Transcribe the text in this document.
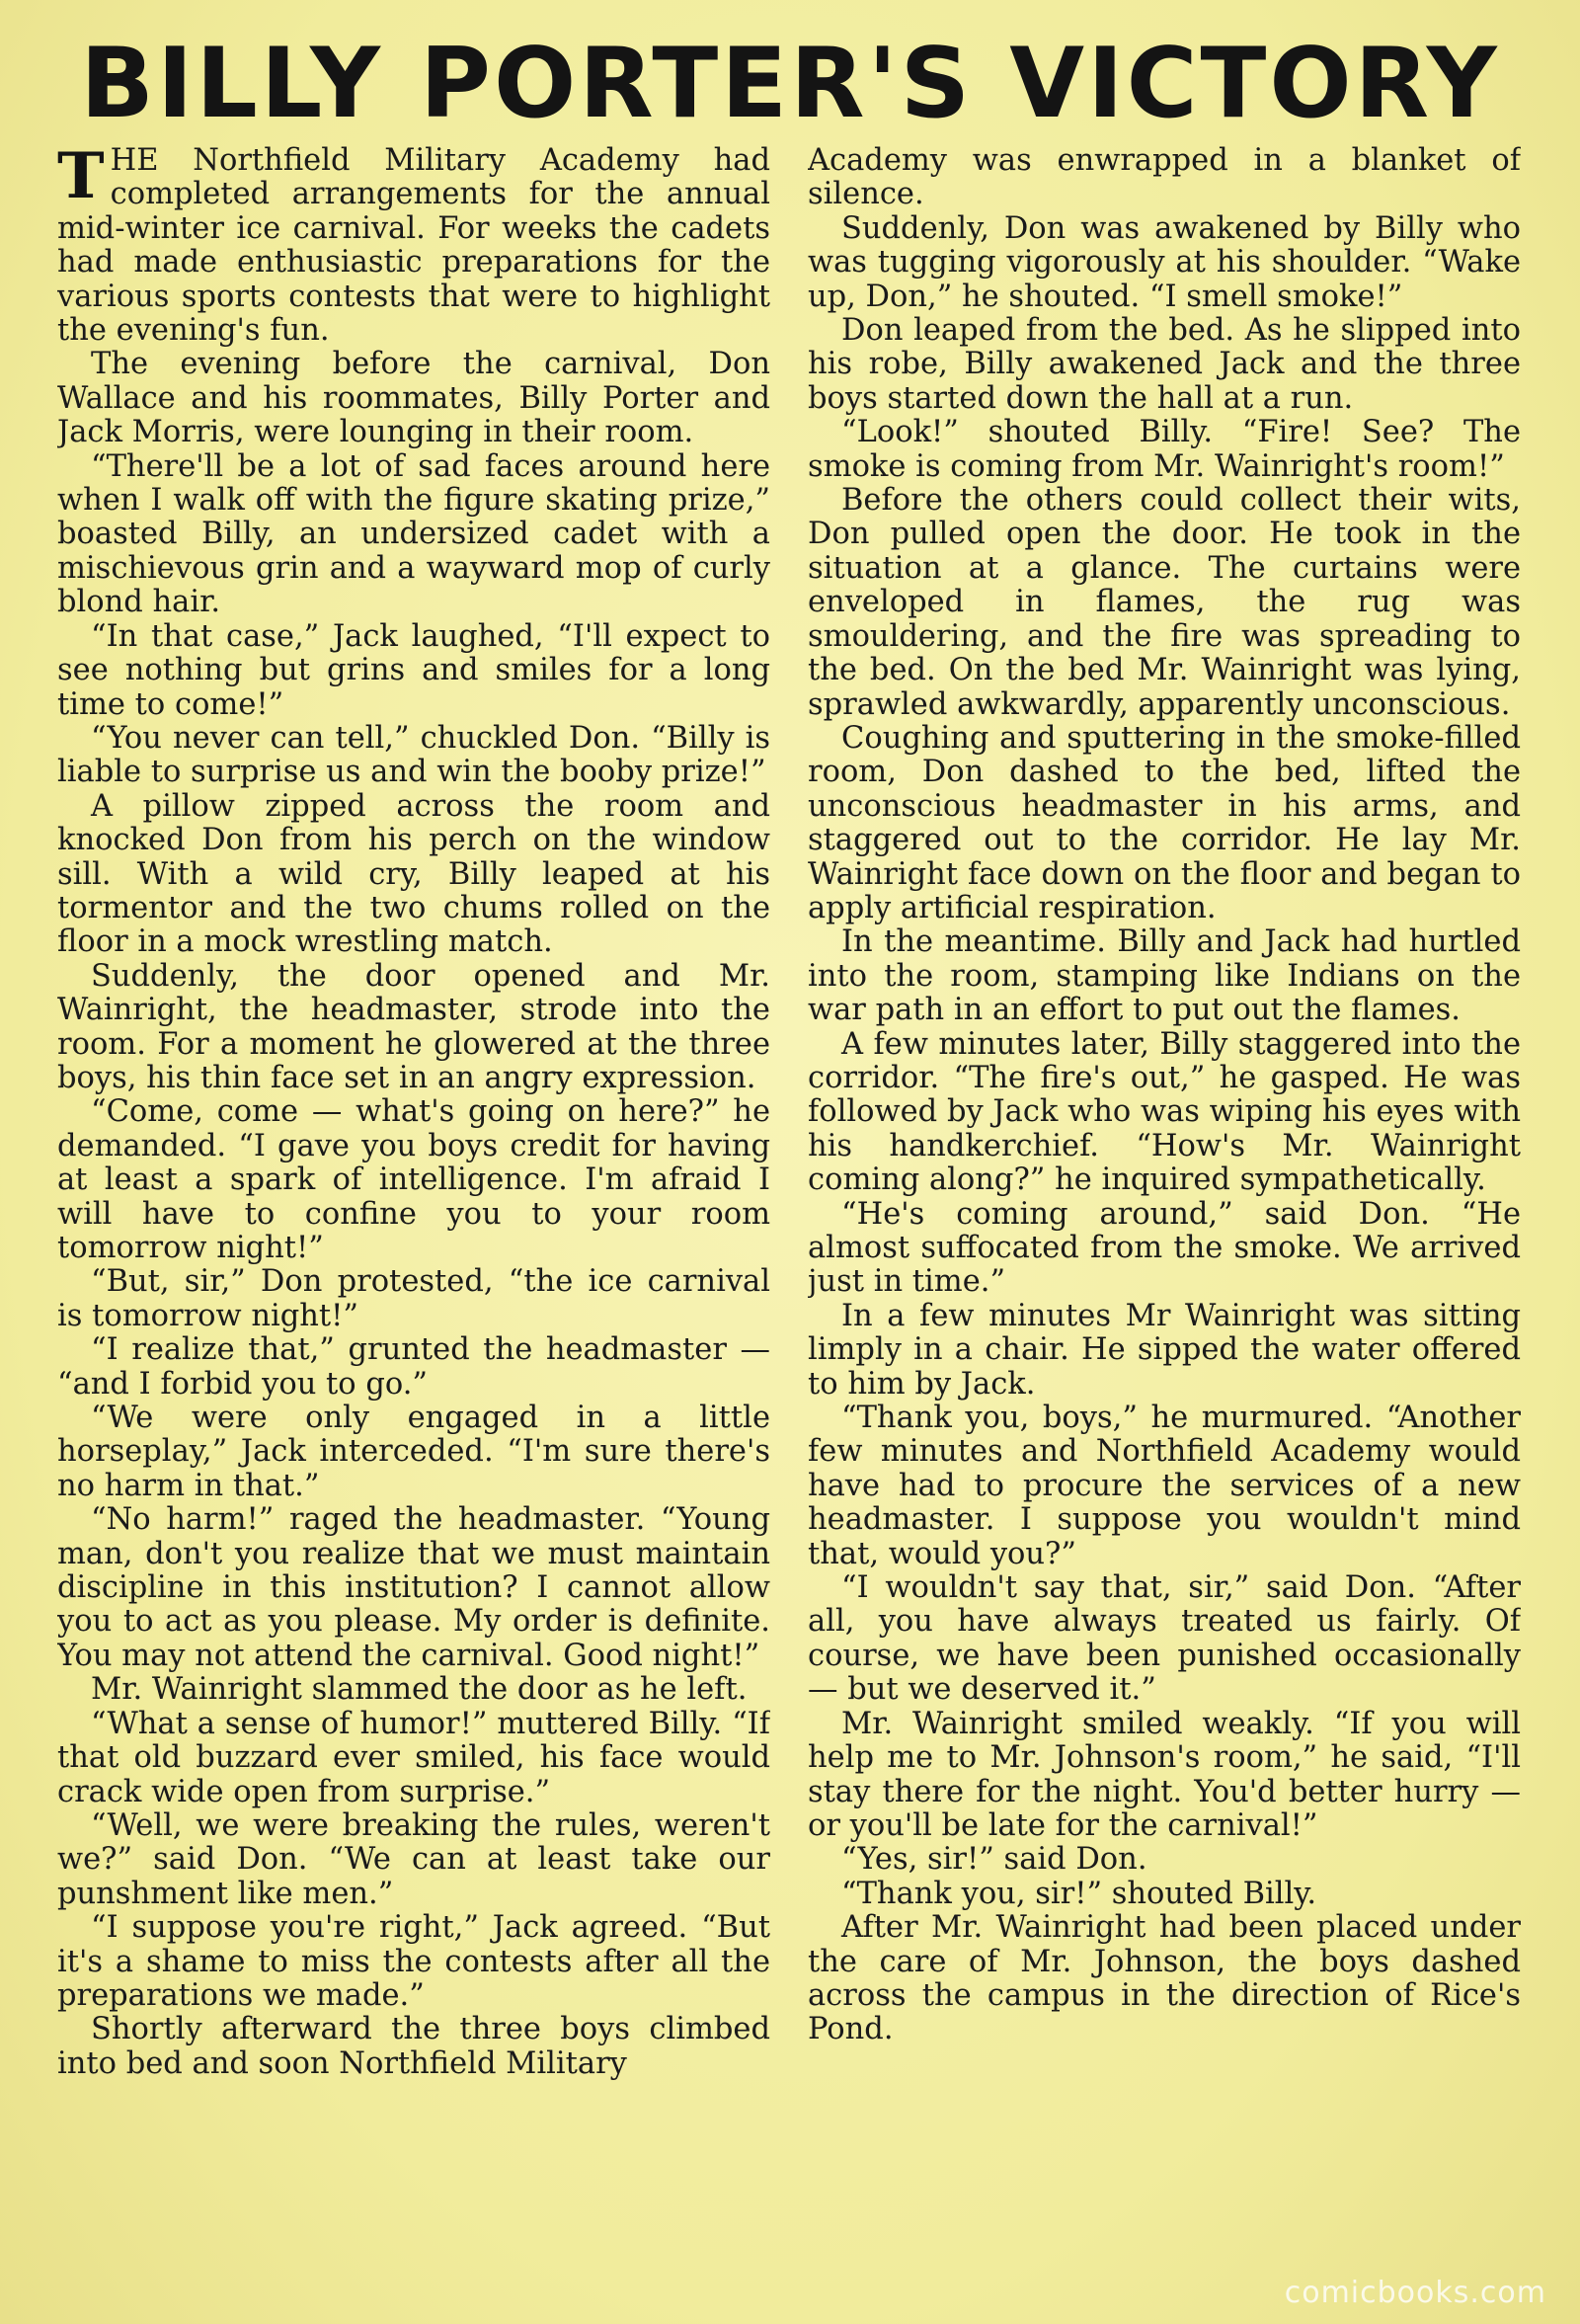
BILLY PORTER'S VICTORY

THE Northfield Military Academy had completed arrangements for the annual mid-winter ice carnival. For weeks the cadets had made enthusiastic preparations for the various sports contests that were to highlight the evening's fun.

The evening before the carnival, Don Wallace and his roommates, Billy Porter and Jack Morris, were lounging in their room.

“There'll be a lot of sad faces around here when I walk off with the figure skating prize,” boasted Billy, an undersized cadet with a mischievous grin and a wayward mop of curly blond hair.

“In that case,” Jack laughed, “I'll expect to see nothing but grins and smiles for a long time to come!”

“You never can tell,” chuckled Don. “Billy is liable to surprise us and win the booby prize!”

A pillow zipped across the room and knocked Don from his perch on the window sill. With a wild cry, Billy leaped at his tormentor and the two chums rolled on the floor in a mock wrestling match.

Suddenly, the door opened and Mr. Wainright, the headmaster, strode into the room. For a moment he glowered at the three boys, his thin face set in an angry expression.

“Come, come — what's going on here?” he demanded. “I gave you boys credit for having at least a spark of intelligence. I'm afraid I will have to confine you to your room tomorrow night!”

“But, sir,” Don protested, “the ice carnival is tomorrow night!”

“I realize that,” grunted the headmaster — “and I forbid you to go.”

“We were only engaged in a little horseplay,” Jack interceded. “I'm sure there's no harm in that.”

“No harm!” raged the headmaster. “Young man, don't you realize that we must maintain discipline in this institution? I cannot allow you to act as you please. My order is definite. You may not attend the carnival. Good night!”

Mr. Wainright slammed the door as he left.

“What a sense of humor!” muttered Billy. “If that old buzzard ever smiled, his face would crack wide open from surprise.”

“Well, we were breaking the rules, weren't we?” said Don. “We can at least take our punshment like men.”

“I suppose you're right,” Jack agreed. “But it's a shame to miss the contests after all the preparations we made.”

Shortly afterward the three boys climbed into bed and soon Northfield Military

Academy was enwrapped in a blanket of silence.

Suddenly, Don was awakened by Billy who was tugging vigorously at his shoulder. “Wake up, Don,” he shouted. “I smell smoke!”

Don leaped from the bed. As he slipped into his robe, Billy awakened Jack and the three boys started down the hall at a run.

“Look!” shouted Billy. “Fire! See? The smoke is coming from Mr. Wainright's room!”

Before the others could collect their wits, Don pulled open the door. He took in the situation at a glance. The curtains were enveloped in flames, the rug was smouldering, and the fire was spreading to the bed. On the bed Mr. Wainright was lying, sprawled awkwardly, apparently unconscious.

Coughing and sputtering in the smoke-filled room, Don dashed to the bed, lifted the unconscious headmaster in his arms, and staggered out to the corridor. He lay Mr. Wainright face down on the floor and began to apply artificial respiration.

In the meantime. Billy and Jack had hurtled into the room, stamping like Indians on the war path in an effort to put out the flames.

A few minutes later, Billy staggered into the corridor. “The fire's out,” he gasped. He was followed by Jack who was wiping his eyes with his handkerchief. “How's Mr. Wainright coming along?” he inquired sympathetically.

“He's coming around,” said Don. “He almost suffocated from the smoke. We arrived just in time.”

In a few minutes Mr Wainright was sitting limply in a chair. He sipped the water offered to him by Jack.

“Thank you, boys,” he murmured. “Another few minutes and Northfield Academy would have had to procure the services of a new headmaster. I suppose you wouldn't mind that, would you?”

“I wouldn't say that, sir,” said Don. “After all, you have always treated us fairly. Of course, we have been punished occasionally — but we deserved it.”

Mr. Wainright smiled weakly. “If you will help me to Mr. Johnson's room,” he said, “I'll stay there for the night. You'd better hurry — or you'll be late for the carnival!”

“Yes, sir!” said Don.

“Thank you, sir!” shouted Billy.

After Mr. Wainright had been placed under the care of Mr. Johnson, the boys dashed across the campus in the direction of Rice's Pond.

comicbooks.com
